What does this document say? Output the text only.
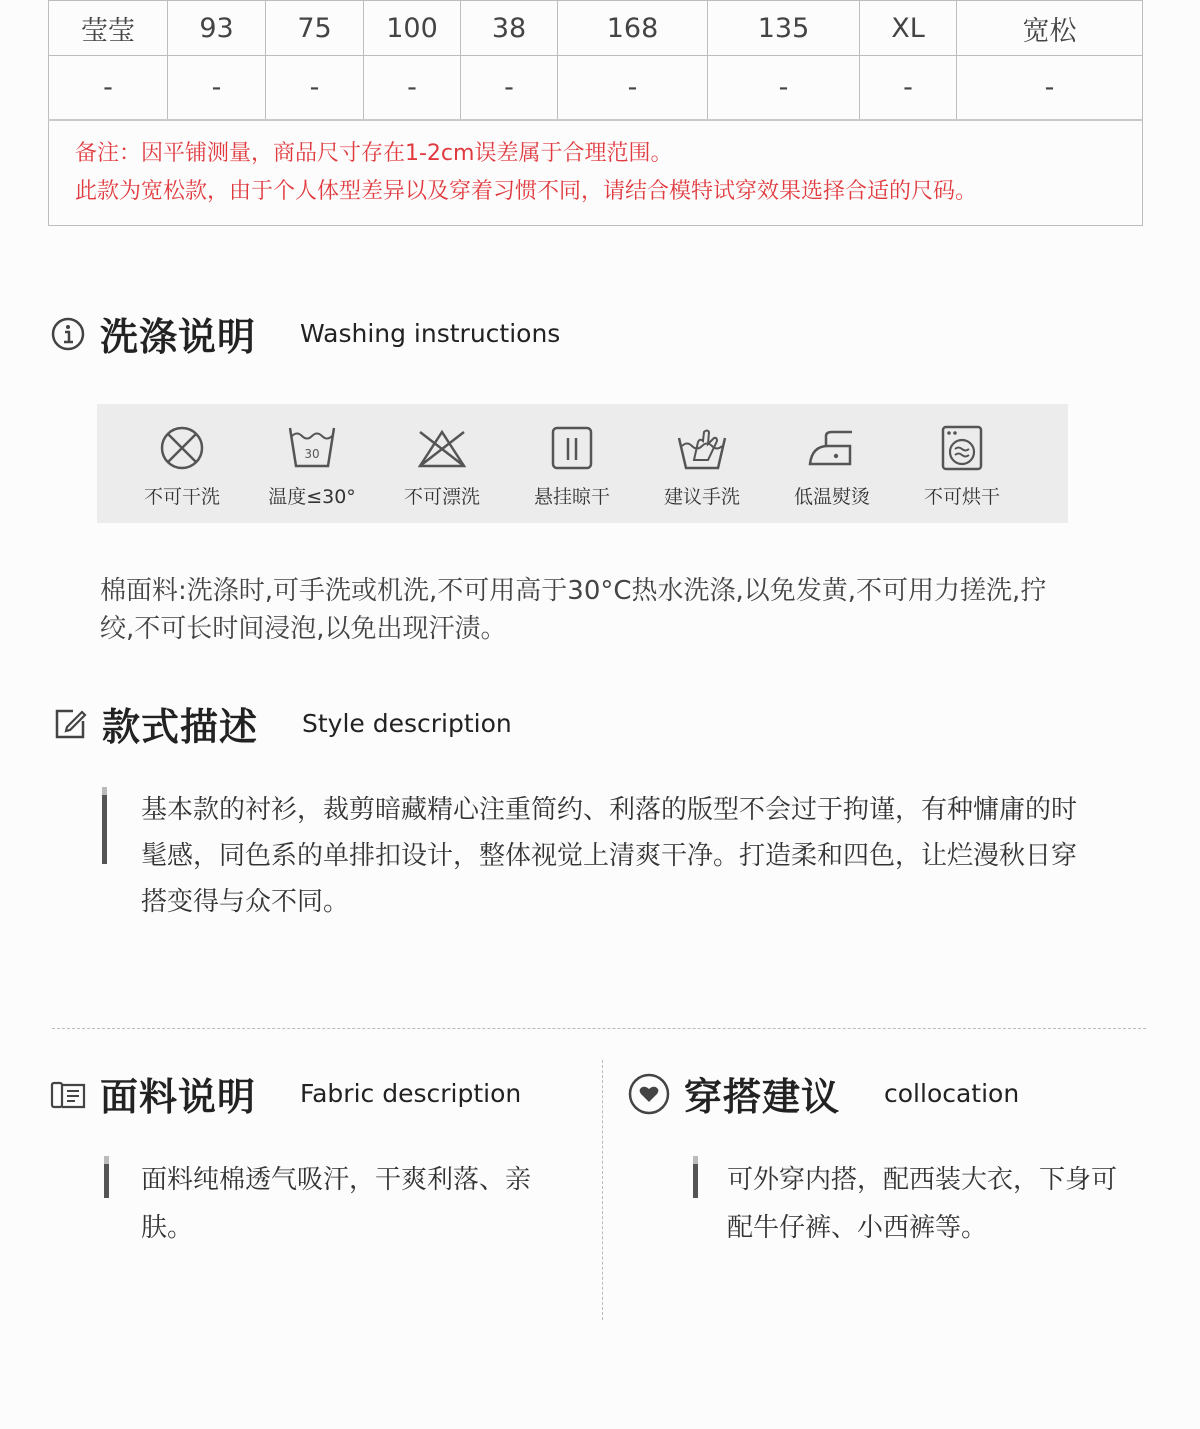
莹莹	93	75	100	38	168	135	XL	宽松
-	-	-	-	-	-	-	-	-

备注：因平铺测量，商品尺寸存在1-2cm误差属于合理范围。
此款为宽松款，由于个人体型差异以及穿着习惯不同，请结合模特试穿效果选择合适的尺码。								
洗涤说明 Washing instructions
不可干洗
30
温度≤30°	不可漂洗	悬挂晾干	建议手洗	低温熨烫	不可烘干
棉面料:洗涤时,可手洗或机洗,不可用高于30°C热水洗涤,以免发黄,不可用力搓洗,拧绞,不可长时间浸泡,以免出现汗渍。
款式描述 Style description
基本款的衬衫，裁剪暗藏精心注重简约、利落的版型不会过于拘谨，有种慵庸的时髦感，同色系的单排扣设计，整体视觉上清爽干净。打造柔和四色，让烂漫秋日穿搭变得与众不同。
面料说明 Fabric description
面料纯棉透气吸汗，干爽利落、亲肤。
穿搭建议 collocation
可外穿内搭，配西装大衣，下身可配牛仔裤、小西裤等。
